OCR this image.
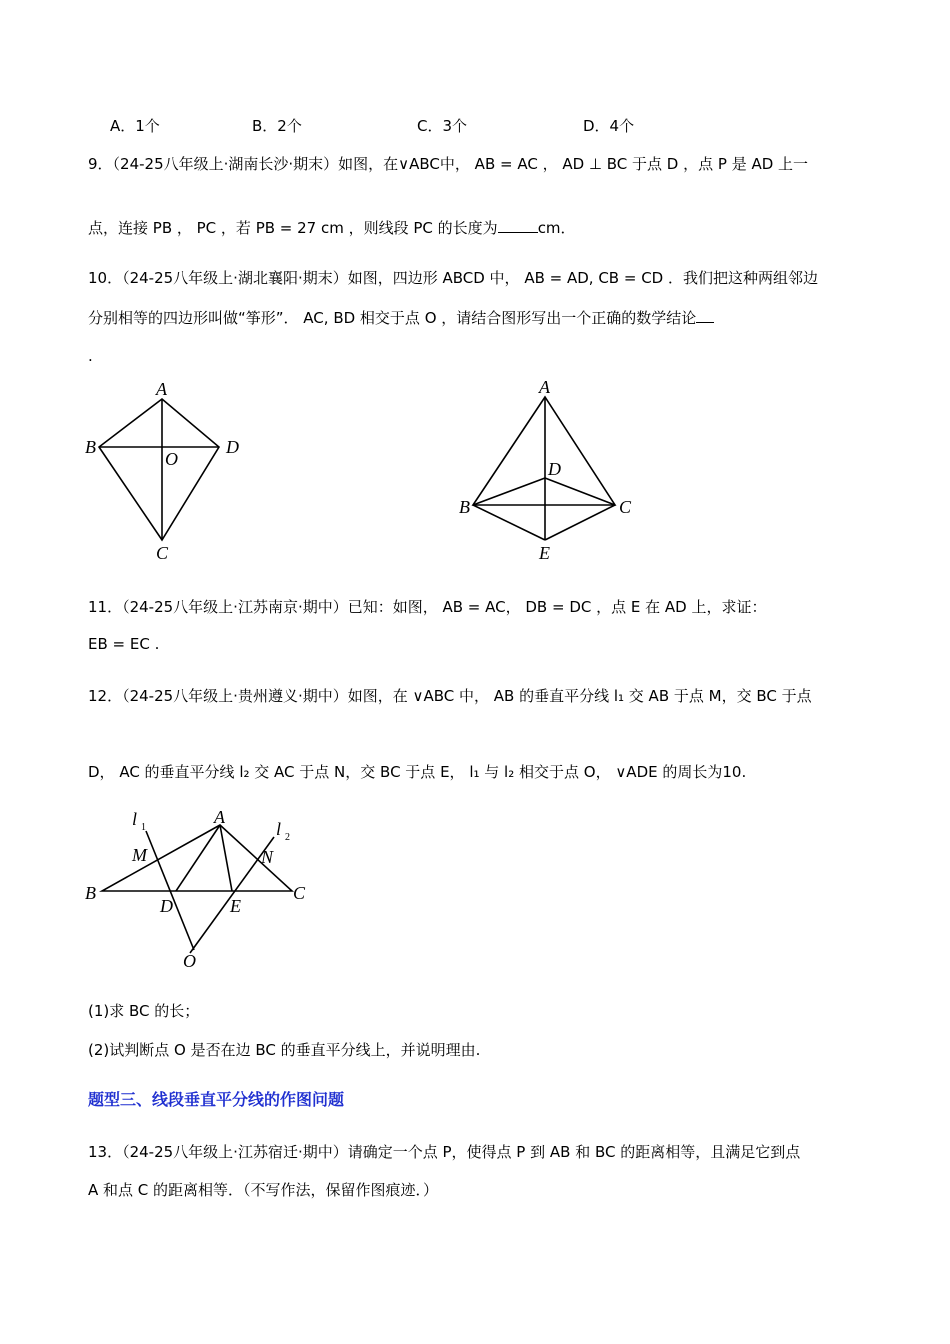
A．1个	B．2个	C．3个	D．4个
9．（24-25八年级上·湖南长沙·期末）如图，在∨ABC中， AB = AC ， AD ⊥ BC 于点 D ，点 P 是 AD 上一
点，连接 PB ， PC ，若 PB = 27 cm ，则线段 PC 的长度为	cm．
10．（24-25八年级上·湖北襄阳·期末）如图，四边形 ABCD 中， AB = AD, CB = CD ．我们把这种两组邻边
分别相等的四边形叫做“筝形”． AC, BD 相交于点 O ，请结合图形写出一个正确的数学结论
.
A
B
C
D
O
A
B	C
D
E
11．（24-25八年级上·江苏南京·期中）已知：如图， AB = AC， DB = DC ，点 E 在 AD 上，求证：
EB = EC .
12．（24-25八年级上·贵州遵义·期中）如图，在 ∨ABC 中， AB 的垂直平分线 l₁ 交 AB 于点 M，交 BC 于点
D， AC 的垂直平分线 l₂ 交 AC 于点 N，交 BC 于点 E， l₁ 与 l₂ 相交于点 O， ∨ADE 的周长为10.
l 1	l 2
A
B	C
D	E
M	N
O
(1)求 BC 的长；
(2)试判断点 O 是否在边 BC 的垂直平分线上，并说明理由.
题型三、线段垂直平分线的作图问题
13．（24-25八年级上·江苏宿迁·期中）请确定一个点 P，使得点 P 到 AB 和 BC 的距离相等，且满足它到点
A 和点 C 的距离相等．（不写作法，保留作图痕迹．）
